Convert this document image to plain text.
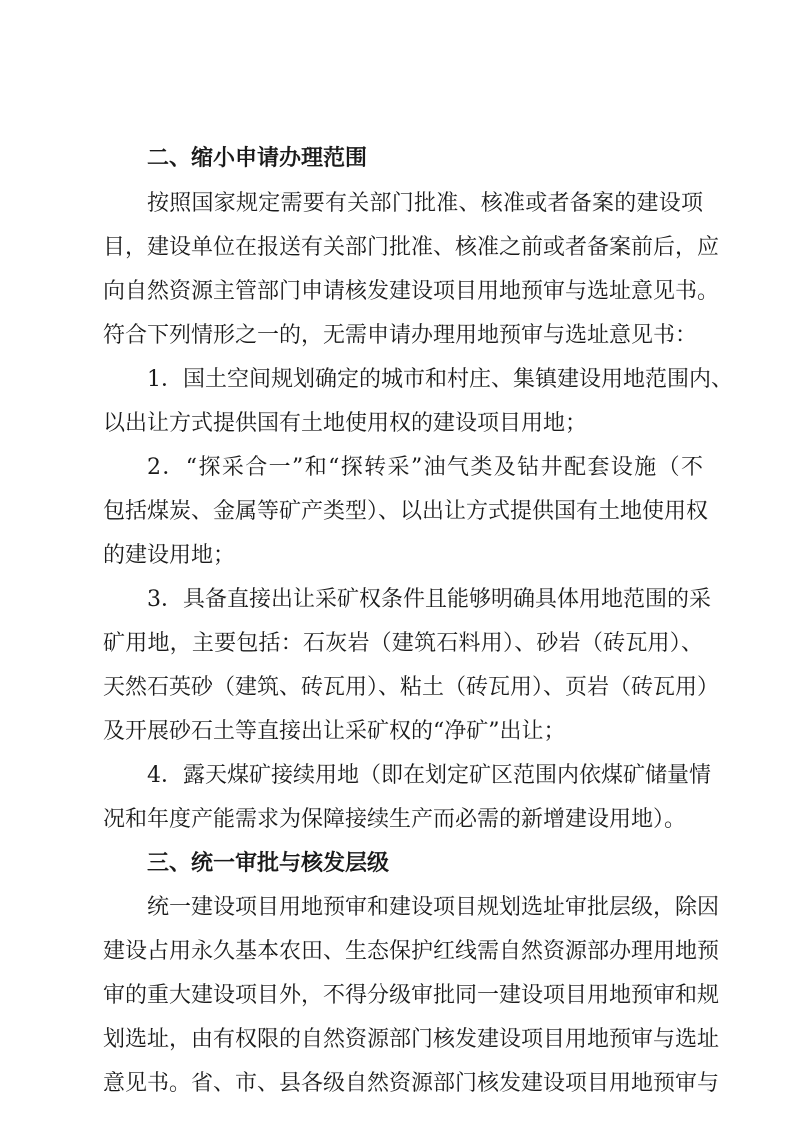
二、缩小申请办理范围
按照国家规定需要有关部门批准、核准或者备案的建设项
目，建设单位在报送有关部门批准、核准之前或者备案前后，应
向自然资源主管部门申请核发建设项目用地预审与选址意见书。
符合下列情形之一的，无需申请办理用地预审与选址意见书：
1．国土空间规划确定的城市和村庄、集镇建设用地范围内、
以出让方式提供国有土地使用权的建设项目用地；
2．“探采合一”和“探转采”油气类及钻井配套设施（不
包括煤炭、金属等矿产类型）、以出让方式提供国有土地使用权
的建设用地；
3．具备直接出让采矿权条件且能够明确具体用地范围的采
矿用地，主要包括：石灰岩（建筑石料用）、砂岩（砖瓦用）、
天然石英砂（建筑、砖瓦用）、粘土（砖瓦用）、页岩（砖瓦用）
及开展砂石土等直接出让采矿权的“净矿”出让；
4．露天煤矿接续用地（即在划定矿区范围内依煤矿储量情
况和年度产能需求为保障接续生产而必需的新增建设用地）。
三、统一审批与核发层级
统一建设项目用地预审和建设项目规划选址审批层级，除因
建设占用永久基本农田、生态保护红线需自然资源部办理用地预
审的重大建设项目外，不得分级审批同一建设项目用地预审和规
划选址，由有权限的自然资源部门核发建设项目用地预审与选址
意见书。省、市、县各级自然资源部门核发建设项目用地预审与
